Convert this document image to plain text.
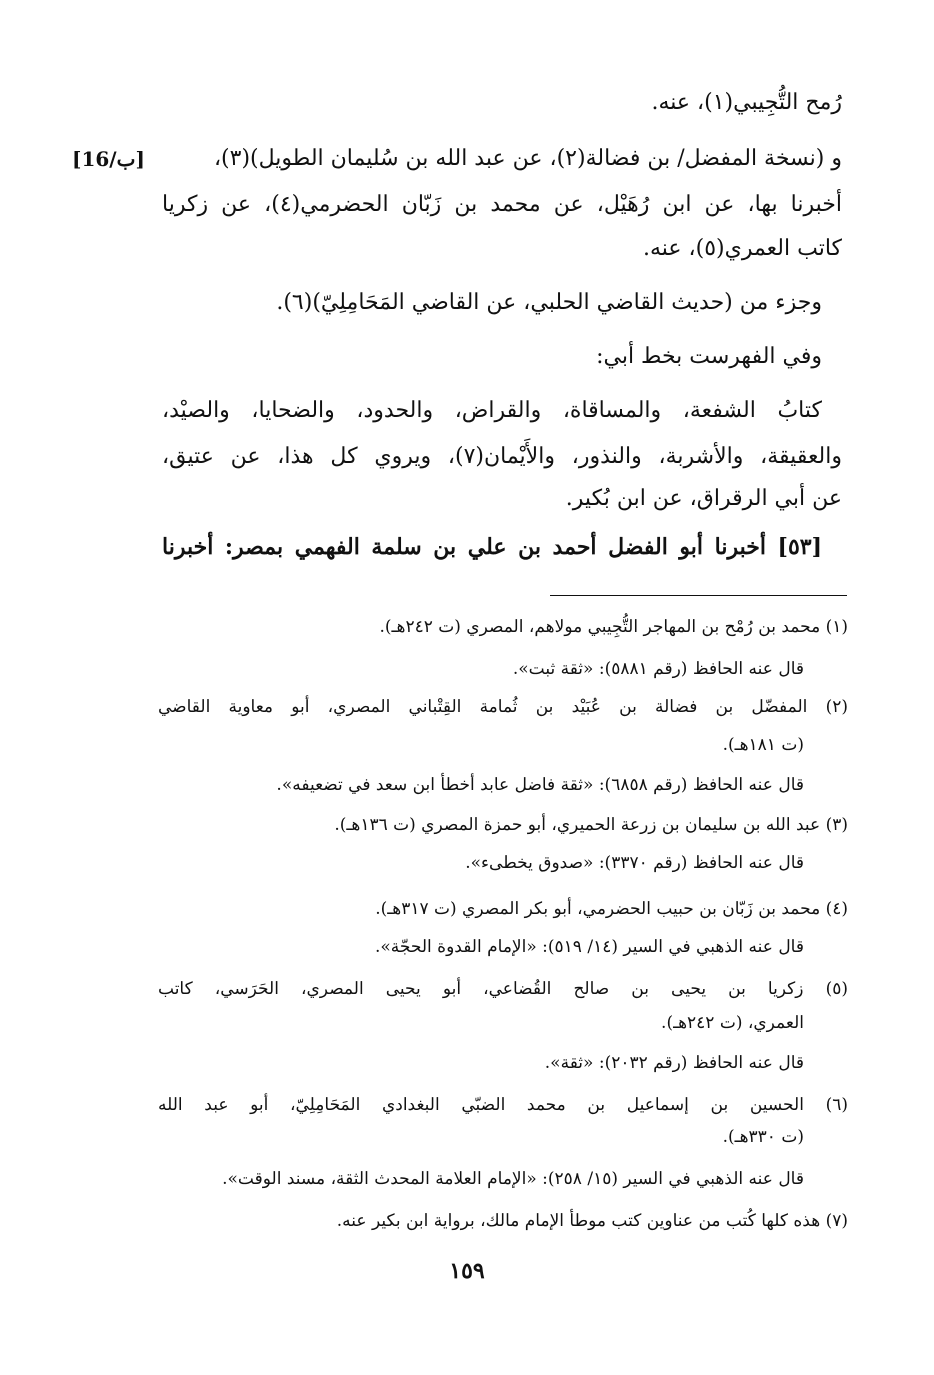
رُمح التُّجِيبي(١)، عنه.
[16/ب]	و (نسخة المفضل/ بن فضالة(٢)، عن عبد الله بن سُليمان الطويل)(٣)،
أخبرنا بها، عن ابن رُهَيْل، عن محمد بن زَبّان الحضرمي(٤)، عن زكريا
كاتب العمري(٥)، عنه.
وجزء من (حديث القاضي الحلبي، عن القاضي المَحَامِلِيّ)(٦).
وفي الفهرست بخط أبي:
كتابُ الشفعة، والمساقاة، والقراض، والحدود، والضحايا، والصيْد،
والعقيقة، والأشربة، والنذور، والأَيْمان(٧)، ويروي كل هذا، عن عتيق،
عن أبي الرقراق، عن ابن بُكير.
[٥٣] أخبرنا أبو الفضل أحمد بن علي بن سلمة الفهمي بمصر: أخبرنا
(١) محمد بن رُمْح بن المهاجر التُّجِيبي مولاهم، المصري (ت ٢٤٢هـ).
قال عنه الحافظ (رقم ٥٨٨١): «ثقة ثبت».
(٢) المفضّل بن فضالة بن عُبَيْد بن ثُمامة القِتْباني المصري، أبو معاوية القاضي
(ت ١٨١هـ).
قال عنه الحافظ (رقم ٦٨٥٨): «ثقة فاضل عابد أخطأ ابن سعد في تضعيفه».
(٣) عبد الله بن سليمان بن زرعة الحميري، أبو حمزة المصري (ت ١٣٦هـ).
قال عنه الحافظ (رقم ٣٣٧٠): «صدوق يخطىء».
(٤) محمد بن زَبّان بن حبيب الحضرمي، أبو بكر المصري (ت ٣١٧هـ).
قال عنه الذهبي في السير (١٤/ ٥١٩): «الإمام القدوة الحجّة».
(٥) زكريا بن يحيى بن صالح القُضاعي، أبو يحيى المصري، الحَرَسي، كاتب
العمري، (ت ٢٤٢هـ).
قال عنه الحافظ (رقم ٢٠٣٢): «ثقة».
(٦) الحسين بن إسماعيل بن محمد الضبّي البغدادي المَحَامِلِيّ، أبو عبد الله
(ت ٣٣٠هـ).
قال عنه الذهبي في السير (١٥/ ٢٥٨): «الإمام العلامة المحدث الثقة، مسند الوقت».
(٧) هذه كلها كُتب من عناوين كتب موطأ الإمام مالك، برواية ابن بكير عنه.
١٥٩
